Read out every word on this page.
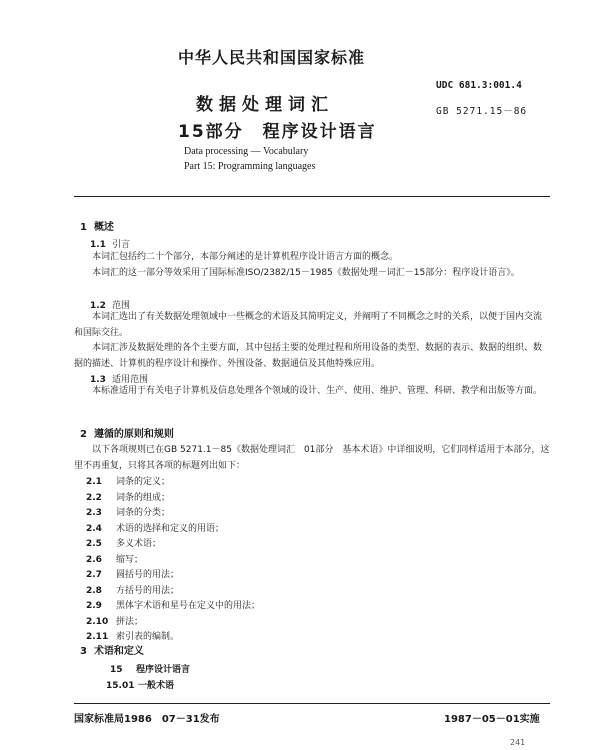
中华人民共和国国家标准
UDC 681.3:001.4
GB 5271.15－86
数据处理词汇
15部分　程序设计语言
Data processing — Vocabulary
Part 15: Programming languages
1 概述
1.1 引言
本词汇包括约二十个部分，本部分阐述的是计算机程序设计语言方面的概念。
本词汇的这一部分等效采用了国际标准ISO/2382/15－1985《数据处理－词汇－15部分：程序设计语言》。
1.2 范围
本词汇选出了有关数据处理领域中一些概念的术语及其简明定义，并阐明了不同概念之时的关系，以便于国内交流和国际交往。
本词汇涉及数据处理的各个主要方面，其中包括主要的处理过程和所用设备的类型、数据的表示、数据的组织、数据的描述、计算机的程序设计和操作、外围设备、数据通信及其他特殊应用。
1.3 适用范围
本标准适用于有关电子计算机及信息处理各个领域的设计、生产、使用、维护、管理、科研、教学和出版等方面。
2 遵循的原则和规则
以下各项规则已在GB 5271.1－85《数据处理词汇　01部分　基本术语》中详细说明，它们同样适用于本部分，这里不再重复，只将其各项的标题列出如下：
2.1 词条的定义；
2.2 词条的组成；
2.3 词条的分类；
2.4 术语的选择和定义的用语；
2.5 多义术语；
2.6 缩写；
2.7 圆括号的用法；
2.8 方括号的用法；
2.9 黑体字术语和星号在定义中的用法；
2.10 拼法；
2.11 索引表的编制。
3 术语和定义
15 程序设计语言
15.01 一般术语
国家标准局1986　07－31发布	1987－05－01实施
241
